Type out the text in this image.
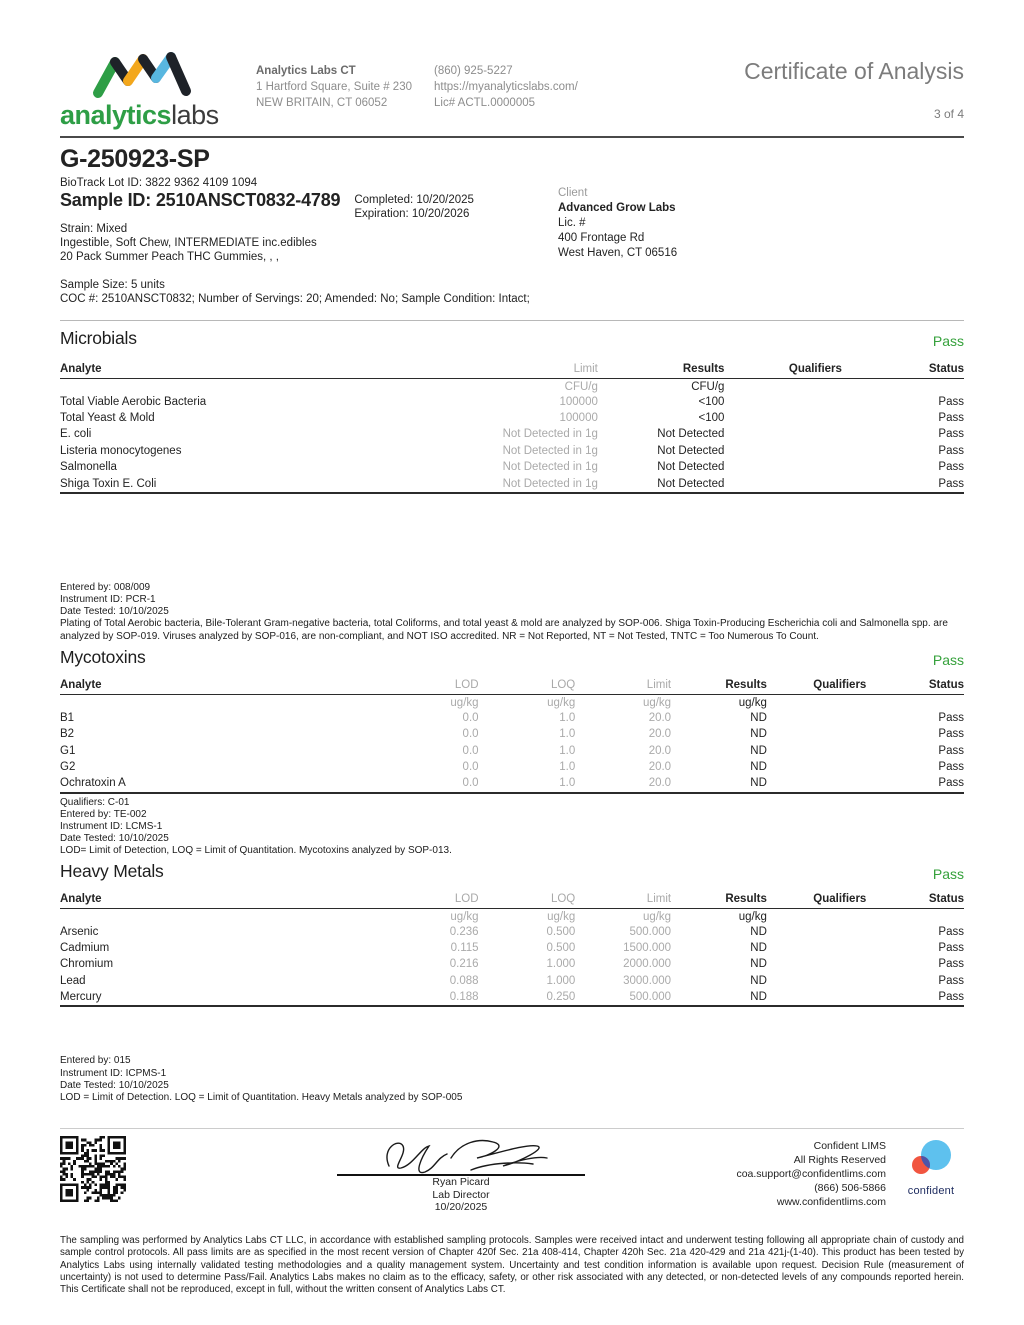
analyticslabs
Analytics Labs CT
1 Hartford Square, Suite # 230
NEW BRITAIN, CT 06052
(860) 925-5227
https://myanalyticslabs.com/
Lic# ACTL.0000005
Certificate of Analysis
3 of 4
G-250923-SP
BioTrack Lot ID: 3822 9362 4109 1094
Sample ID: 2510ANSCT0832-4789 Completed: 10/20/2025
Expiration: 10/20/2026
Strain: Mixed
Ingestible, Soft Chew, INTERMEDIATE inc.edibles
20 Pack Summer Peach THC Gummies, , ,
Sample Size: 5 units
COC #: 2510ANSCT0832; Number of Servings: 20; Amended: No; Sample Condition: Intact;
Client
Advanced Grow Labs
Lic. #
400 Frontage Rd
West Haven, CT 06516
Microbials	Pass
Analyte	Limit	Results	Qualifiers	Status
	CFU/g	CFU/g		
Total Viable Aerobic Bacteria	100000	<100		Pass
Total Yeast & Mold	100000	<100		Pass
E. coli	Not Detected in 1g	Not Detected		Pass
Listeria monocytogenes	Not Detected in 1g	Not Detected		Pass
Salmonella	Not Detected in 1g	Not Detected		Pass
Shiga Toxin E. Coli	Not Detected in 1g	Not Detected		Pass
Entered by: 008/009
Instrument ID: PCR-1
Date Tested: 10/10/2025
Plating of Total Aerobic bacteria, Bile-Tolerant Gram-negative bacteria, total Coliforms, and total yeast & mold are analyzed by SOP-006. Shiga Toxin-Producing Escherichia coli and Salmonella spp. are analyzed by SOP-019. Viruses analyzed by SOP-016, are non-compliant, and NOT ISO accredited. NR = Not Reported, NT = Not Tested, TNTC = Too Numerous To Count.
Mycotoxins	Pass
Analyte	LOD	LOQ	Limit	Results	Qualifiers	Status
	ug/kg	ug/kg	ug/kg	ug/kg		
B1	0.0	1.0	20.0	ND		Pass
B2	0.0	1.0	20.0	ND		Pass
G1	0.0	1.0	20.0	ND		Pass
G2	0.0	1.0	20.0	ND		Pass
Ochratoxin A	0.0	1.0	20.0	ND		Pass
Qualifiers: C-01
Entered by: TE-002
Instrument ID: LCMS-1
Date Tested: 10/10/2025
LOD= Limit of Detection, LOQ = Limit of Quantitation. Mycotoxins analyzed by SOP-013.
Heavy Metals	Pass
Analyte	LOD	LOQ	Limit	Results	Qualifiers	Status
	ug/kg	ug/kg	ug/kg	ug/kg		
Arsenic	0.236	0.500	500.000	ND		Pass
Cadmium	0.115	0.500	1500.000	ND		Pass
Chromium	0.216	1.000	2000.000	ND		Pass
Lead	0.088	1.000	3000.000	ND		Pass
Mercury	0.188	0.250	500.000	ND		Pass
Entered by: 015
Instrument ID: ICPMS-1
Date Tested: 10/10/2025
LOD = Limit of Detection. LOQ = Limit of Quantitation. Heavy Metals analyzed by SOP-005
Ryan Picard
Lab Director
10/20/2025
Confident LIMS
All Rights Reserved
coa.support@confidentlims.com
(866) 506-5866
www.confidentlims.com
confident

The sampling was performed by Analytics Labs CT LLC, in accordance with established sampling protocols. Samples were received intact and underwent testing following all appropriate chain of custody and sample control protocols. All pass limits are as specified in the most recent version of Chapter 420f Sec. 21a 408-414, Chapter 420h Sec. 21a 420-429 and 21a 421j-(1-40). This product has been tested by Analytics Labs using internally validated testing methodologies and a quality management system. Uncertainty and test condition information is available upon request. Decision Rule (measurement of uncertainty) is not used to determine Pass/Fail. Analytics Labs makes no claim as to the efficacy, safety, or other risk associated with any detected, or non-detected levels of any compounds reported herein. This Certificate shall not be reproduced, except in full, without the written consent of Analytics Labs CT.
